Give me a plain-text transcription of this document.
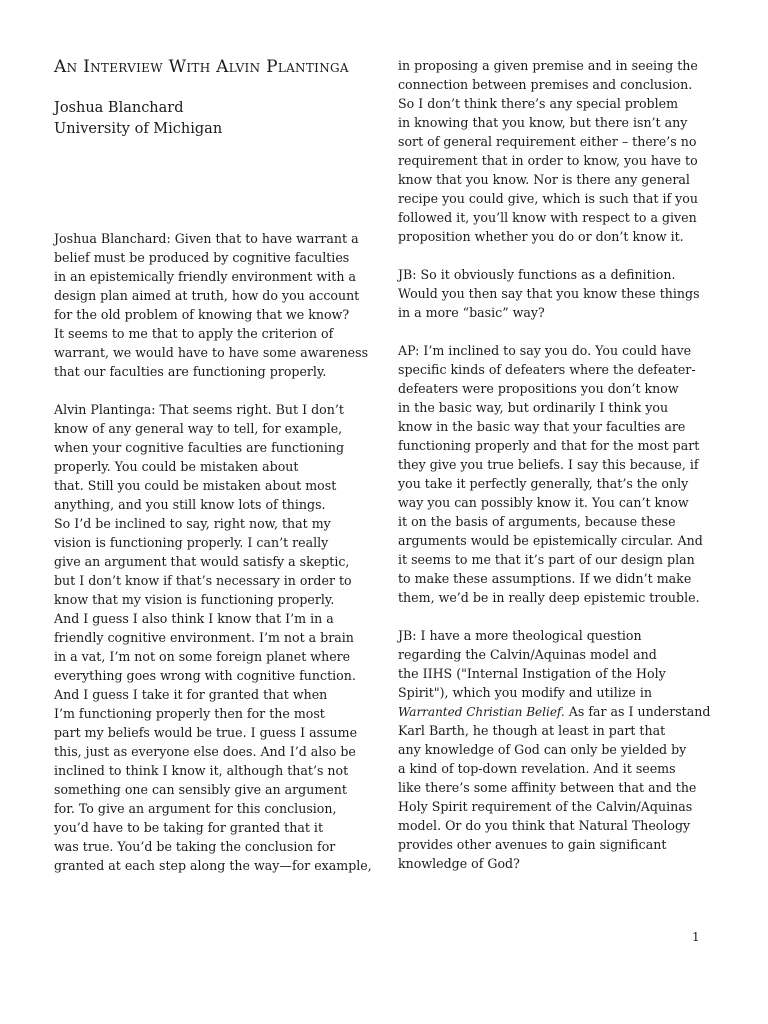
An Interview With Alvin Plantinga
Joshua Blanchard
University of Michigan
Joshua Blanchard: Given that to have warrant a
belief must be produced by cognitive faculties
in an epistemically friendly environment with a
design plan aimed at truth, how do you account
for the old problem of knowing that we know?
It seems to me that to apply the criterion of
warrant, we would have to have some awareness
that our faculties are functioning properly.
Alvin Plantinga: That seems right. But I don’t
know of any general way to tell, for example,
when your cognitive faculties are functioning
properly. You could be mistaken about
that. Still you could be mistaken about most
anything, and you still know lots of things.
So I’d be inclined to say, right now, that my
vision is functioning properly. I can’t really
give an argument that would satisfy a skeptic,
but I don’t know if that’s necessary in order to
know that my vision is functioning properly.
And I guess I also think I know that I’m in a
friendly cognitive environment. I’m not a brain
in a vat, I’m not on some foreign planet where
everything goes wrong with cognitive function.
And I guess I take it for granted that when
I’m functioning properly then for the most
part my beliefs would be true. I guess I assume
this, just as everyone else does. And I’d also be
inclined to think I know it, although that’s not
something one can sensibly give an argument
for. To give an argument for this conclusion,
you’d have to be taking for granted that it
was true. You’d be taking the conclusion for
granted at each step along the way—for example,
in proposing a given premise and in seeing the
connection between premises and conclusion.
So I don’t think there’s any special problem
in knowing that you know, but there isn’t any
sort of general requirement either – there’s no
requirement that in order to know, you have to
know that you know. Nor is there any general
recipe you could give, which is such that if you
followed it, you’ll know with respect to a given
proposition whether you do or don’t know it.
JB: So it obviously functions as a definition.
Would you then say that you know these things
in a more “basic” way?
AP: I’m inclined to say you do. You could have
specific kinds of defeaters where the defeater-
defeaters were propositions you don’t know
in the basic way, but ordinarily I think you
know in the basic way that your faculties are
functioning properly and that for the most part
they give you true beliefs. I say this because, if
you take it perfectly generally, that’s the only
way you can possibly know it. You can’t know
it on the basis of arguments, because these
arguments would be epistemically circular. And
it seems to me that it’s part of our design plan
to make these assumptions. If we didn’t make
them, we’d be in really deep epistemic trouble.
JB: I have a more theological question
regarding the Calvin/Aquinas model and
the IIHS ("Internal Instigation of the Holy
Spirit"), which you modify and utilize in
Warranted Christian Belief. As far as I understand
Karl Barth, he though at least in part that
any knowledge of God can only be yielded by
a kind of top-down revelation. And it seems
like there’s some affinity between that and the
Holy Spirit requirement of the Calvin/Aquinas
model. Or do you think that Natural Theology
provides other avenues to gain significant
knowledge of God?
1
